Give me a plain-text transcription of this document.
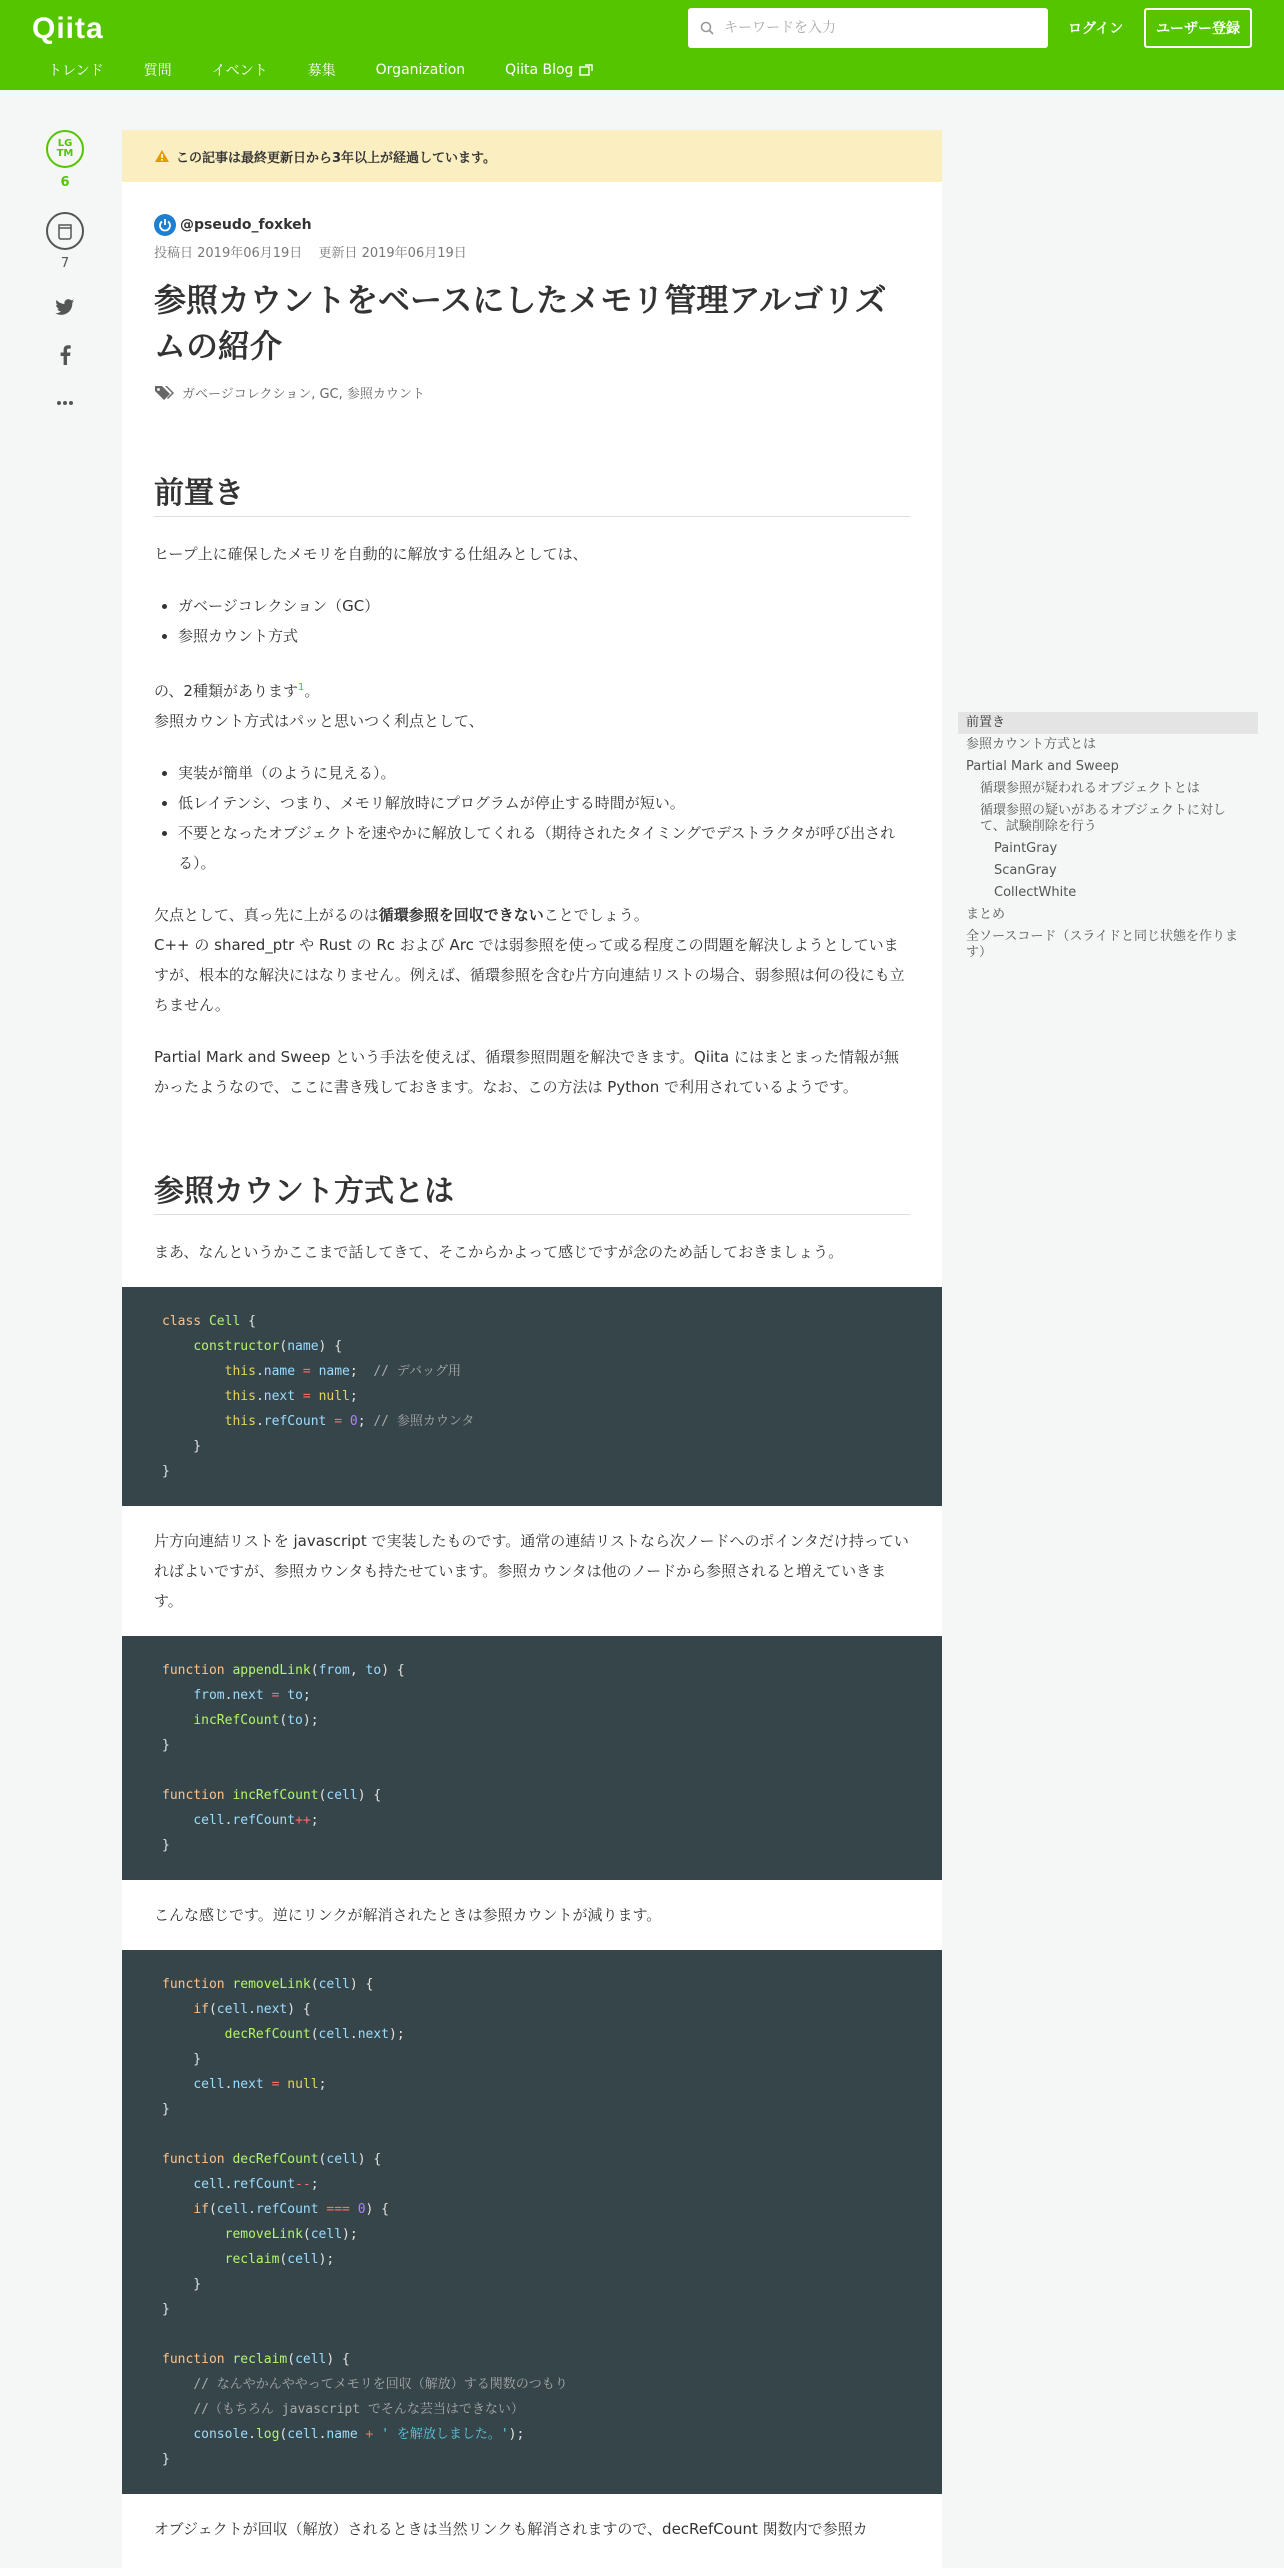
Qiita
トレンド	質問	イベント	募集	Organization	Qiita Blog
キーワードを入力
ログイン	ユーザー登録
LG
TM
6
7
この記事は最終更新日から3年以上が経過しています。
@pseudo_foxkeh
投稿日 2019年06月19日 更新日 2019年06月19日
参照カウントをベースにしたメモリ管理アルゴリズムの紹介
ガベージコレクション, GC, 参照カウント
前置き

ヒープ上に確保したメモリを自動的に解放する仕組みとしては、

• ガベージコレクション（GC）
• 参照カウント方式

の、2種類があります$^1$。
参照カウント方式はパッと思いつく利点として、

• 実装が簡単（のように見える）。
• 低レイテンシ、つまり、メモリ解放時にプログラムが停止する時間が短い。
• 不要となったオブジェクトを速やかに解放してくれる（期待されたタイミングでデストラクタが呼び出される）。

欠点として、真っ先に上がるのは循環参照を回収できないことでしょう。
C++ の shared_ptr や Rust の Rc および Arc では弱参照を使って或る程度この問題を解決しようとしていますが、根本的な解決にはなりません。例えば、循環参照を含む片方向連結リストの場合、弱参照は何の役にも立ちません。

Partial Mark and Sweep という手法を使えば、循環参照問題を解決できます。Qiita にはまとまった情報が無かったようなので、ここに書き残しておきます。なお、この方法は Python で利用されているようです。

参照カウント方式とは

まあ、なんというかここまで話してきて、そこからかよって感じですが念のため話しておきましょう。

class Cell {
constructor(name) {
this.name = name;  // デバッグ用
this.next = null;
this.refCount = 0; // 参照カウンタ
}
}

片方向連結リストを javascript で実装したものです。通常の連結リストなら次ノードへのポインタだけ持っていればよいですが、参照カウンタも持たせています。参照カウンタは他のノードから参照されると増えていきます。

function appendLink(from, to) {
from.next = to;
incRefCount(to);
}

function incRefCount(cell) {
cell.refCount++;
}

こんな感じです。逆にリンクが解消されたときは参照カウントが減ります。

function removeLink(cell) {
if(cell.next) {
decRefCount(cell.next);
}
cell.next = null;
}

function decRefCount(cell) {
cell.refCount--;
if(cell.refCount === 0) {
removeLink(cell);
reclaim(cell);
}
}

function reclaim(cell) {
// なんやかんややってメモリを回収（解放）する関数のつもり
//（もちろん javascript でそんな芸当はできない）
console.log(cell.name + ' を解放しました。');
}

オブジェクトが回収（解放）されるときは当然リンクも解消されますので、decRefCount 関数内で参照カ

前置き
参照カウント方式とは
Partial Mark and Sweep
循環参照が疑われるオブジェクトとは
循環参照の疑いがあるオブジェクトに対して、試験削除を行う
PaintGray
ScanGray
CollectWhite
まとめ
全ソースコード（スライドと同じ状態を作ります）
